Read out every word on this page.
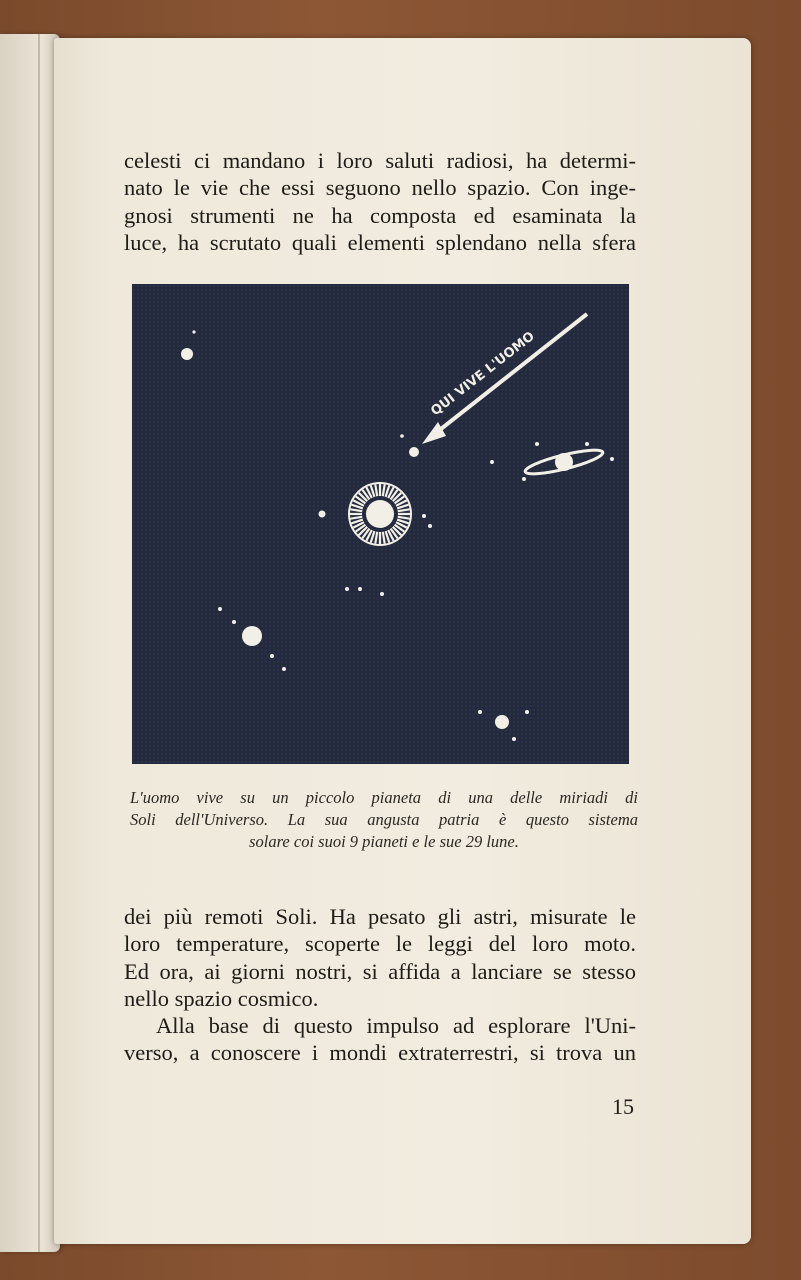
celesti ci mandano i loro saluti radiosi, ha determi-
nato le vie che essi seguono nello spazio. Con inge-
gnosi strumenti ne ha composta ed esaminata la
luce, ha scrutato quali elementi splendano nella sfera
QUI VIVE L'UOMO
L'uomo vive su un piccolo pianeta di una delle miriadi di
Soli dell'Universo. La sua angusta patria è questo sistema
solare coi suoi 9 pianeti e le sue 29 lune.
dei più remoti Soli. Ha pesato gli astri, misurate le
loro temperature, scoperte le leggi del loro moto.
Ed ora, ai giorni nostri, si affida a lanciare se stesso
nello spazio cosmico.
Alla base di questo impulso ad esplorare l'Uni-
verso, a conoscere i mondi extraterrestri, si trova un
15
